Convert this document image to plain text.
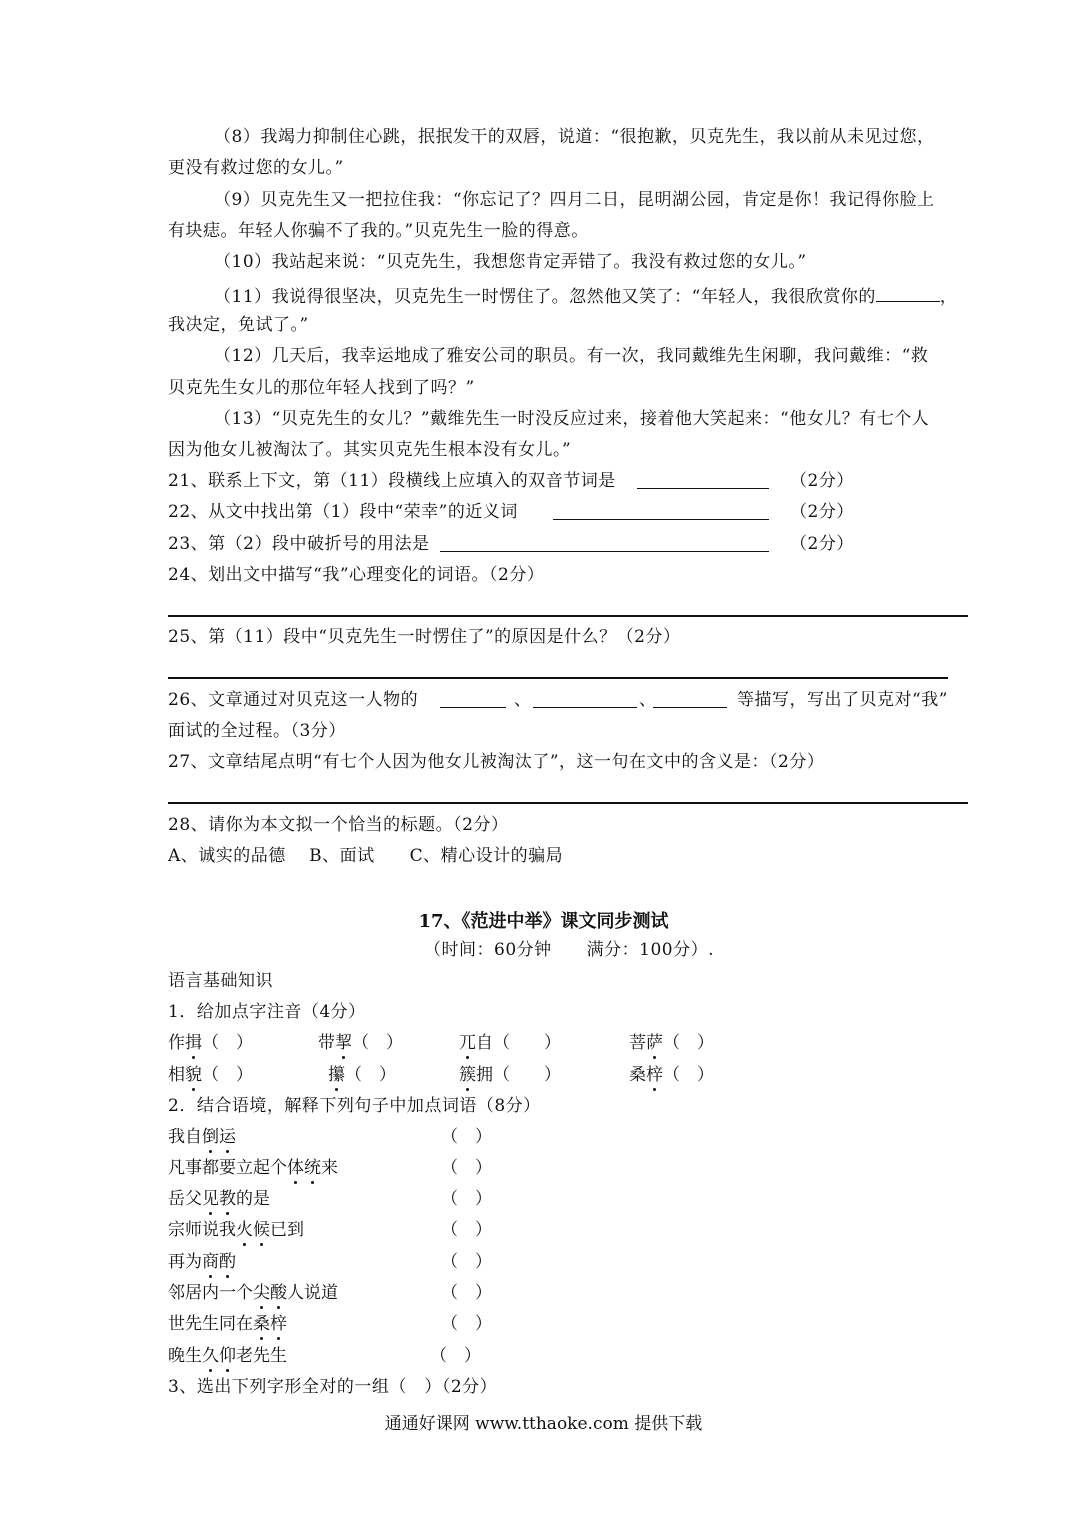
（8）我竭力抑制住心跳，抿抿发干的双唇，说道：“很抱歉，贝克先生，我以前从未见过您，
更没有救过您的女儿。”
（9）贝克先生又一把拉住我：“你忘记了？四月二日，昆明湖公园，肯定是你！我记得你脸上
有块痣。年轻人你骗不了我的。”贝克先生一脸的得意。
（10）我站起来说：“贝克先生，我想您肯定弄错了。我没有救过您的女儿。”
（11）我说得很坚决，贝克先生一时愣住了。忽然他又笑了：“年轻人，我很欣赏你的	，
我决定，免试了。”
（12）几天后，我幸运地成了雅安公司的职员。有一次，我同戴维先生闲聊，我问戴维：“救
贝克先生女儿的那位年轻人找到了吗？”
（13）“贝克先生的女儿？”戴维先生一时没反应过来，接着他大笑起来：“他女儿？有七个人
因为他女儿被淘汰了。其实贝克先生根本没有女儿。”
21、联系上下文，第（11）段横线上应填入的双音节词是	（2分）
22、从文中找出第（1）段中“荣幸”的近义词	（2分）
23、第（2）段中破折号的用法是	（2分）
24、划出文中描写“我”心理变化的词语。（2分）
25、第（11）段中“贝克先生一时愣住了”的原因是什么？（2分）
26、文章通过对贝克这一人物的	、	、	等描写，写出了贝克对“我”
面试的全过程。（3分）
27、文章结尾点明“有七个人因为他女儿被淘汰了”，这一句在文中的含义是：（2分）
28、请你为本文拟一个恰当的标题。（2分）
A、诚实的品德　 B、面试　　C、精心设计的骗局
17、《范进中举》课文同步测试
（时间：60分钟　　满分：100分）.
语言基础知识
1．给加点字注音（4分）
作揖（　）	带挈（　）	兀自（　　）	菩萨（　）
相貌（　）	攥（　）	簇拥（　　）	桑梓（　）
2．结合语境，解释下列句子中加点词语（8分）
我自倒运	（　）
凡事都要立起个体统来	（　）
岳父见教的是	（　）
宗师说我火候已到	（　）
再为商酌	（　）
邻居内一个尖酸人说道	（　）
世先生同在桑梓	（　）
晚生久仰老先生	（　）
3、选出下列字形全对的一组（　）（2分）
通通好课网 www.tthaoke.com 提供下载
